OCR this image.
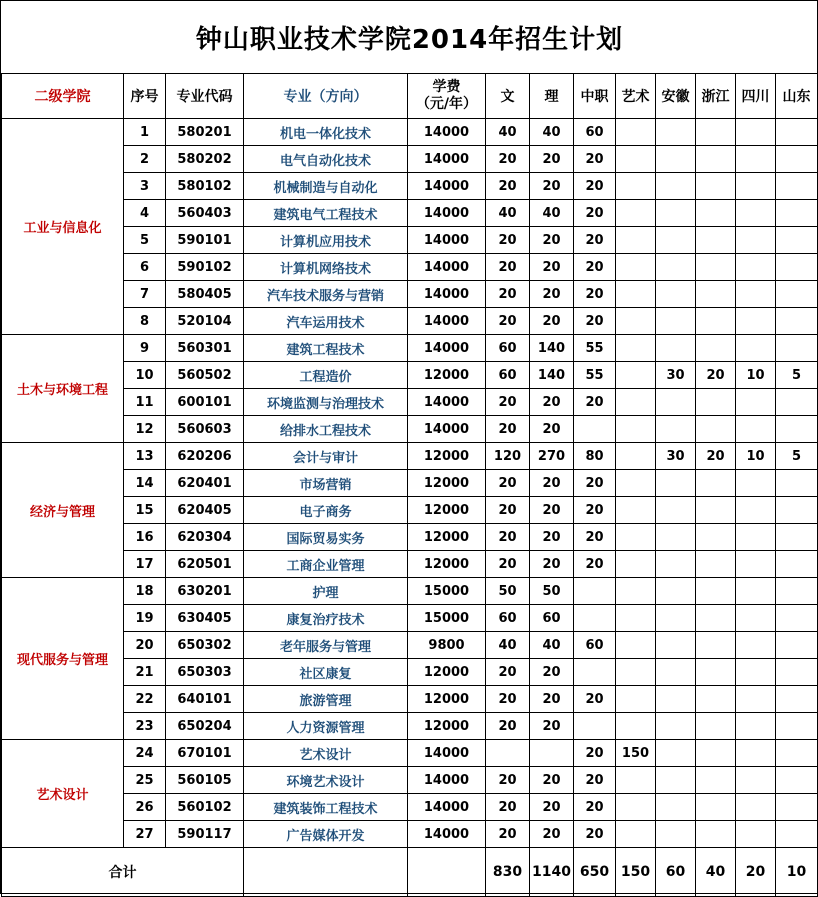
钟山职业技术学院2014年招生计划												
二级学院	序号	专业代码	专业（方向）	学费
（元/年）	文	理	中职	艺术	安徽	浙江	四川	山东
工业与信息化	1	580201	机电一体化技术	14000	40	40	60					
	2	580202	电气自动化技术	14000	20	20	20					
	3	580102	机械制造与自动化	14000	20	20	20					
	4	560403	建筑电气工程技术	14000	40	40	20					
	5	590101	计算机应用技术	14000	20	20	20					
	6	590102	计算机网络技术	14000	20	20	20					
	7	580405	汽车技术服务与营销	14000	20	20	20					
	8	520104	汽车运用技术	14000	20	20	20					
土木与环境工程	9	560301	建筑工程技术	14000	60	140	55					
	10	560502	工程造价	12000	60	140	55		30	20	10	5
	11	600101	环境监测与治理技术	14000	20	20	20					
	12	560603	给排水工程技术	14000	20	20						
经济与管理	13	620206	会计与审计	12000	120	270	80		30	20	10	5
	14	620401	市场营销	12000	20	20	20					
	15	620405	电子商务	12000	20	20	20					
	16	620304	国际贸易实务	12000	20	20	20					
	17	620501	工商企业管理	12000	20	20	20					
现代服务与管理	18	630201	护理	15000	50	50						
	19	630405	康复治疗技术	15000	60	60						
	20	650302	老年服务与管理	9800	40	40	60					
	21	650303	社区康复	12000	20	20						
	22	640101	旅游管理	12000	20	20	20					
	23	650204	人力资源管理	12000	20	20						
艺术设计	24	670101	艺术设计	14000			20	150				
	25	560105	环境艺术设计	14000	20	20	20					
	26	560102	建筑装饰工程技术	14000	20	20	20					
	27	590117	广告媒体开发	14000	20	20	20					
合计					830	1140	650	150	60	40	20	10
